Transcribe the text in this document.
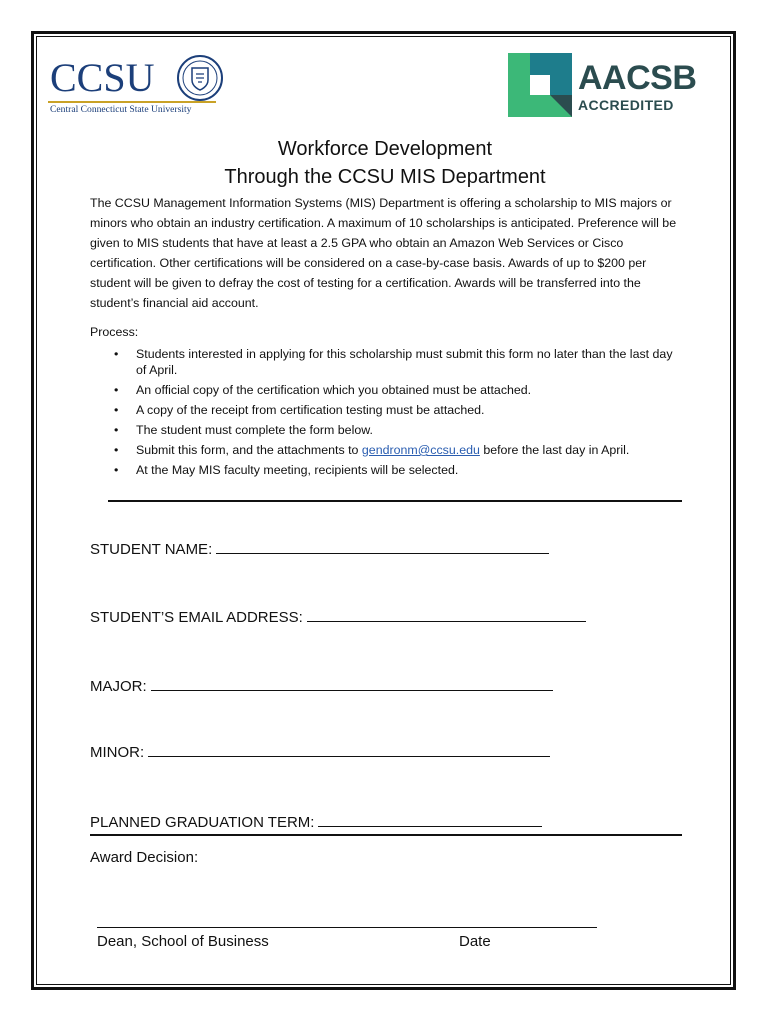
CCSU
Central Connecticut State University
AACSB
ACCREDITED
Workforce Development
Through the CCSU MIS Department

The CCSU Management Information Systems (MIS) Department is offering a scholarship to MIS majors or minors who obtain an industry certification. A maximum of 10 scholarships is anticipated. Preference will be given to MIS students that have at least a 2.5 GPA who obtain an Amazon Web Services or Cisco certification. Other certifications will be considered on a case-by-case basis. Awards of up to $200 per student will be given to defray the cost of testing for a certification. Awards will be transferred into the student’s financial aid account.

Process:
• Students interested in applying for this scholarship must submit this form no later than the last day of April.
• An official copy of the certification which you obtained must be attached.
• A copy of the receipt from certification testing must be attached.
• The student must complete the form below.
• Submit this form, and the attachments to gendronm@ccsu.edu before the last day in April.
• At the May MIS faculty meeting, recipients will be selected.
STUDENT NAME:
STUDENT’S EMAIL ADDRESS:
MAJOR:
MINOR:
PLANNED GRADUATION TERM:
Award Decision:
Dean, School of Business	Date
